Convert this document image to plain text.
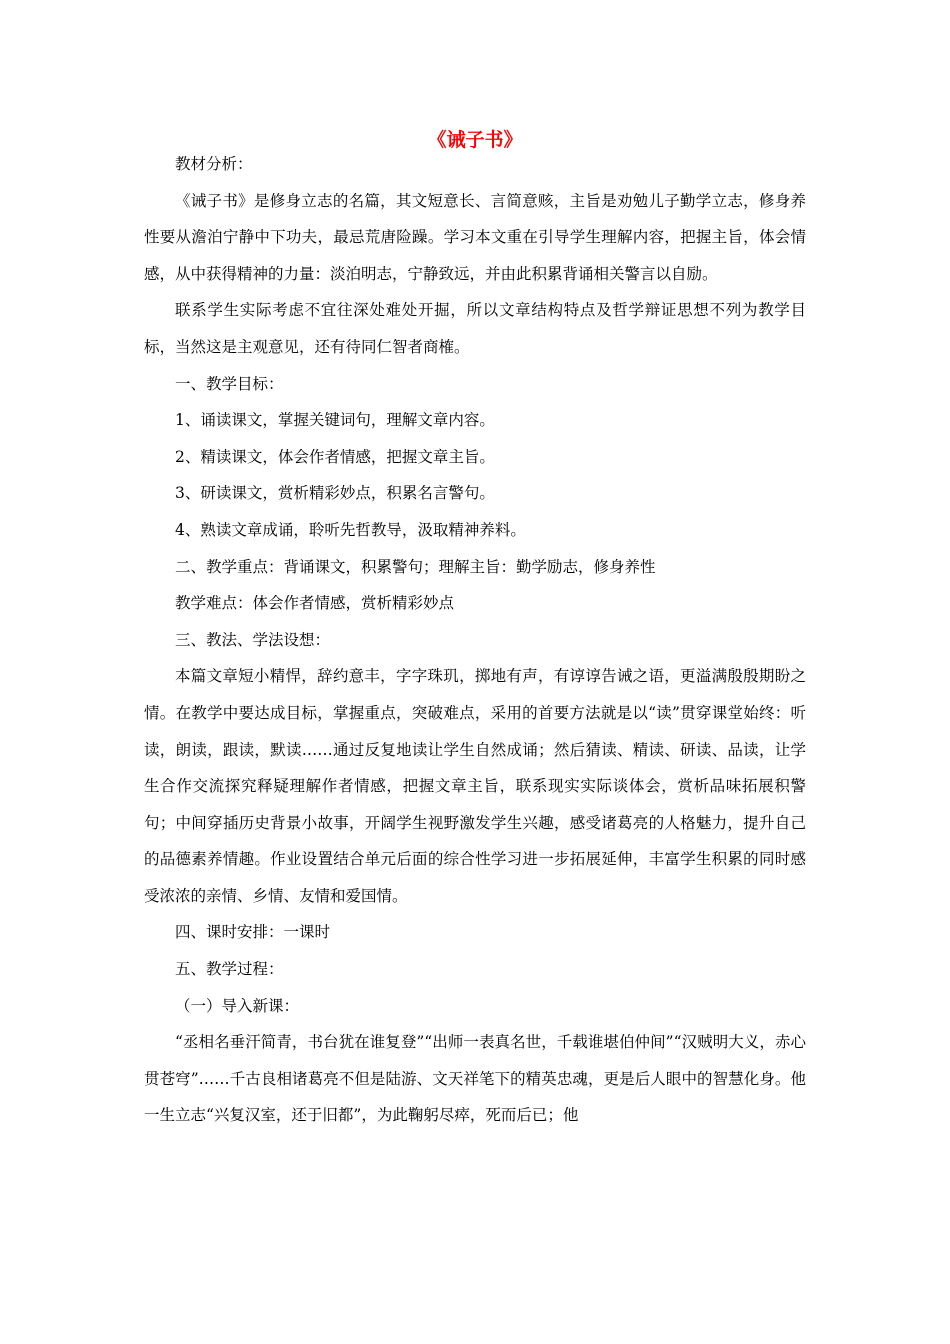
《诫子书》

教材分析：

《诫子书》是修身立志的名篇，其文短意长、言简意赅，主旨是劝勉儿子勤学立志，修身养性要从澹泊宁静中下功夫，最忌荒唐险躁。学习本文重在引导学生理解内容，把握主旨，体会情感，从中获得精神的力量：淡泊明志，宁静致远，并由此积累背诵相关警言以自励。

联系学生实际考虑不宜往深处难处开掘，所以文章结构特点及哲学辩证思想不列为教学目标，当然这是主观意见，还有待同仁智者商榷。

一、教学目标：

1、诵读课文，掌握关键词句，理解文章内容。

2、精读课文，体会作者情感，把握文章主旨。

3、研读课文，赏析精彩妙点，积累名言警句。

4、熟读文章成诵，聆听先哲教导，汲取精神养料。

二、教学重点：背诵课文，积累警句；理解主旨：勤学励志，修身养性

教学难点：体会作者情感，赏析精彩妙点

三、教法、学法设想：

本篇文章短小精悍，辞约意丰，字字珠玑，掷地有声，有谆谆告诫之语，更溢满殷殷期盼之情。在教学中要达成目标，掌握重点，突破难点，采用的首要方法就是以“读”贯穿课堂始终：听读，朗读，跟读，默读……通过反复地读让学生自然成诵；然后猜读、精读、研读、品读，让学生合作交流探究释疑理解作者情感，把握文章主旨，联系现实实际谈体会，赏析品味拓展积警句；中间穿插历史背景小故事，开阔学生视野激发学生兴趣，感受诸葛亮的人格魅力，提升自己的品德素养情趣。作业设置结合单元后面的综合性学习进一步拓展延伸，丰富学生积累的同时感受浓浓的亲情、乡情、友情和爱国情。

四、课时安排：一课时

五、教学过程：

（一）导入新课：

“丞相名垂汗简青，书台犹在谁复登”“出师一表真名世，千载谁堪伯仲间”“汉贼明大义，赤心贯苍穹”……千古良相诸葛亮不但是陆游、文天祥笔下的精英忠魂，更是后人眼中的智慧化身。他一生立志“兴复汉室，还于旧都”，为此鞠躬尽瘁，死而后已；他
